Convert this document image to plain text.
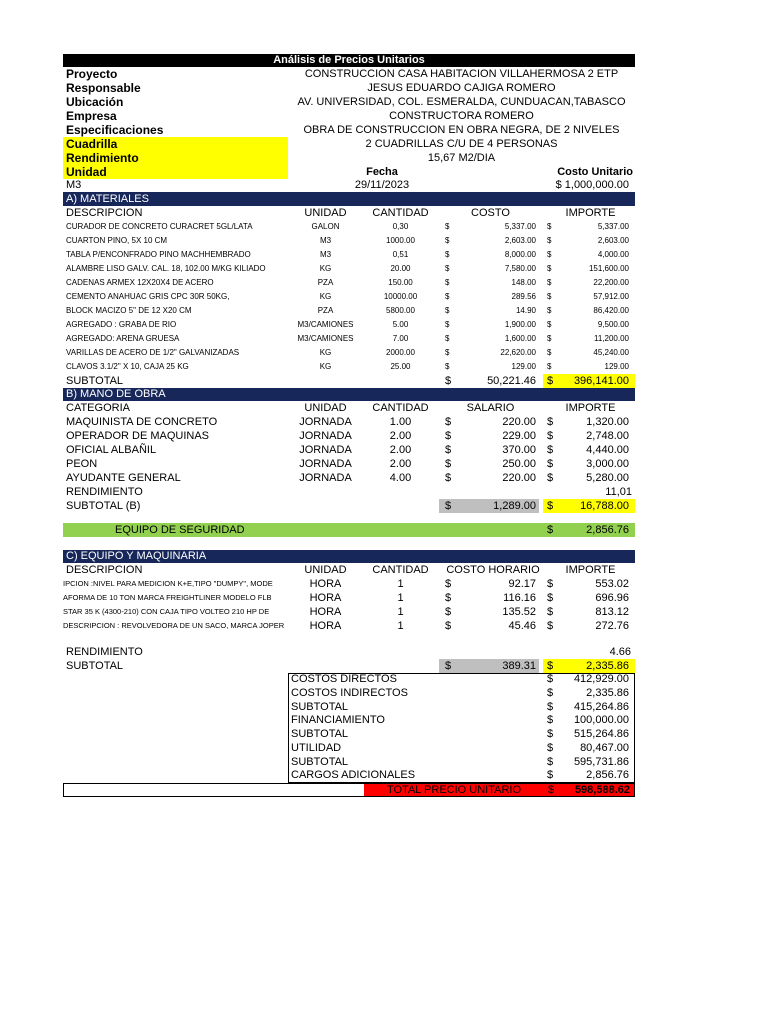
Análisis de Precios Unitarios
Proyecto	CONSTRUCCION CASA HABITACION VILLAHERMOSA 2 ETP
Responsable	JESUS EDUARDO CAJIGA ROMERO
Ubicación	AV. UNIVERSIDAD, COL. ESMERALDA, CUNDUACAN,TABASCO
Empresa	CONSTRUCTORA ROMERO
Especificaciones	OBRA DE CONSTRUCCION EN OBRA NEGRA, DE 2 NIVELES
Cuadrilla	2 CUADRILLAS C/U DE 4 PERSONAS
Rendimiento	15,67 M2/DIA
Unidad	Fecha	Costo Unitario
M3	29/11/2023	$ 1,000,000.00
A) MATERIALES
DESCRIPCION	UNIDAD	CANTIDAD	COSTO	IMPORTE
CURADOR DE CONCRETO CURACRET 5GL/LATA	GALON	0,30	$	5,337.00 $	5,337.00
CUARTON PINO, 5X 10 CM	M3	1000.00	$	2,603.00 $	2,603.00
TABLA P/ENCONFRADO PINO MACHHEMBRADO	M3	0,51	$	8,000.00 $	4,000.00
ALAMBRE LISO GALV. CAL. 18, 102.00 M/KG KILIADO	KG	20.00	$	7,580.00 $	151,600.00
CADENAS ARMEX 12X20X4 DE ACERO	PZA	150.00	$	148.00 $	22,200.00
CEMENTO ANAHUAC GRIS CPC 30R 50KG,	KG	10000.00	$	289.56 $	57,912.00
BLOCK MACIZO 5" DE 12 X20 CM	PZA	5800.00	$	14.90 $	86,420.00
AGREGADO : GRABA DE RIO	M3/CAMIONES	5.00	$	1,900.00 $	9,500.00
AGREGADO: ARENA GRUESA	M3/CAMIONES	7.00	$	1,600.00 $	11,200.00
VARILLAS DE ACERO DE 1/2" GALVANIZADAS	KG	2000.00	$	22,620.00 $	45,240.00
CLAVOS 3.1/2" X 10, CAJA 25 KG	KG	25.00	$	129.00 $	129.00
SUBTOTAL	$	50,221.46 $	396,141.00
B) MANO DE OBRA
CATEGORIA	UNIDAD	CANTIDAD	SALARIO	IMPORTE
MAQUINISTA DE CONCRETO	JORNADA	1.00	$	220.00 $	1,320.00
OPERADOR DE MAQUINAS	JORNADA	2.00	$	229.00 $	2,748.00
OFICIAL ALBAÑIL	JORNADA	2.00	$	370.00 $	4,440.00
PEON	JORNADA	2.00	$	250.00 $	3,000.00
AYUDANTE GENERAL	JORNADA	4.00	$	220.00 $	5,280.00
RENDIMIENTO	11,01
SUBTOTAL (B)	$	1,289.00 $	16,788.00
EQUIPO DE SEGURIDAD	$	2,856.76
C) EQUIPO Y MAQUINARIA
DESCRIPCION	UNIDAD	CANTIDAD	COSTO HORARIO	IMPORTE
IPCION :NIVEL PARA MEDICION K+E,TIPO "DUMPY", MODE	HORA	1	$	92.17 $	553.02
AFORMA DE 10 TON MARCA FREIGHTLINER MODELO FLB	HORA	1	$	116.16 $	696.96
STAR 35 K (4300-210) CON CAJA TIPO VOLTEO 210 HP DE	HORA	1	$	135.52 $	813.12
DESCRIPCION : REVOLVEDORA DE UN SACO, MARCA JOPER	HORA	1	$	45.46 $	272.76
RENDIMIENTO	4.66
SUBTOTAL	$	389.31 $	2,335.86
COSTOS DIRECTOS	$	412,929.00
COSTOS INDIRECTOS	$	2,335.86
SUBTOTAL	$	415,264.86
FINANCIAMIENTO	$	100,000.00
SUBTOTAL	$	515,264.86
UTILIDAD	$	80,467.00
SUBTOTAL	$	595,731.86
CARGOS ADICIONALES	$	2,856.76
TOTAL PRECIO UNITARIO	$	598,588.62
